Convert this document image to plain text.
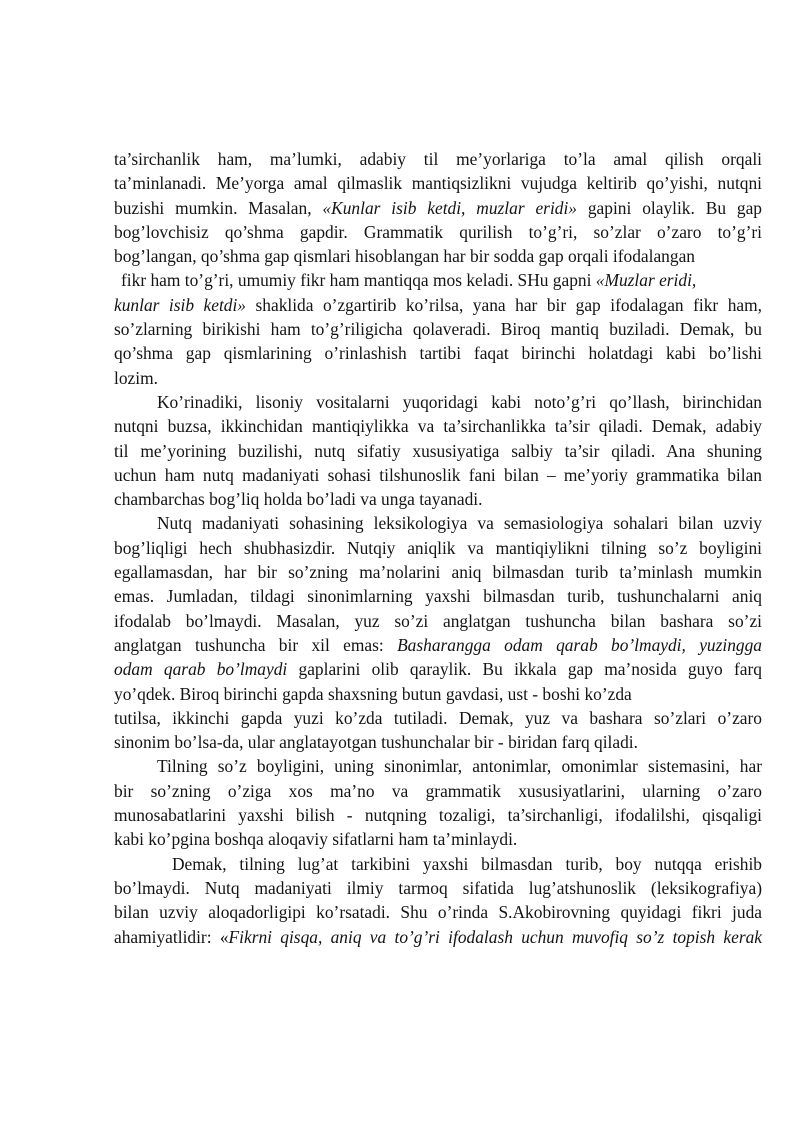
ta’sirchanlik ham, ma’lumki, adabiy til me’yorlariga to’la amal qilish orqali
ta’minlanadi. Me’yorga amal qilmaslik mantiqsizlikni vujudga keltirib qo’yishi, nutqni
buzishi mumkin. Masalan, «Kunlar isib ketdi, muzlar eridi» gapini olaylik. Bu gap
bog’lovchisiz qo’shma gapdir. Grammatik qurilish to’g’ri, so’zlar o’zaro to’g’ri
bog’langan, qo’shma gap qismlari hisoblangan har bir sodda gap orqali ifodalangan
fikr ham to’g’ri, umumiy fikr ham mantiqqa mos keladi. SHu gapni «Muzlar eridi,
kunlar isib ketdi» shaklida o’zgartirib ko’rilsa, yana har bir gap ifodalagan fikr ham,
so’zlarning birikishi ham to’g’riligicha qolaveradi. Biroq mantiq buziladi. Demak, bu
qo’shma gap qismlarining o’rinlashish tartibi faqat birinchi holatdagi kabi bo’lishi
lozim.
Ko’rinadiki, lisoniy vositalarni yuqoridagi kabi noto’g’ri qo’llash, birinchidan
nutqni buzsa, ikkinchidan mantiqiylikka va ta’sirchanlikka ta’sir qiladi. Demak, adabiy
til me’yorining buzilishi, nutq sifatiy xususiyatiga salbiy ta’sir qiladi. Ana shuning
uchun ham nutq madaniyati sohasi tilshunoslik fani bilan – me’yoriy grammatika bilan
chambarchas bog’liq holda bo’ladi va unga tayanadi.
Nutq madaniyati sohasining leksikologiya va semasiologiya sohalari bilan uzviy
bog’liqligi hech shubhasizdir. Nutqiy aniqlik va mantiqiylikni tilning so’z boyligini
egallamasdan, har bir so’zning ma’nolarini aniq bilmasdan turib ta’minlash mumkin
emas. Jumladan, tildagi sinonimlarning yaxshi bilmasdan turib, tushunchalarni aniq
ifodalab bo’lmaydi. Masalan, yuz so’zi anglatgan tushuncha bilan bashara so’zi
anglatgan tushuncha bir xil emas: Basharangga odam qarab bo’lmaydi, yuzingga
odam qarab bo’lmaydi gaplarini olib qaraylik. Bu ikkala gap ma’nosida guyo farq
yo’qdek. Biroq birinchi gapda shaxsning butun gavdasi, ust - boshi ko’zda
tutilsa, ikkinchi gapda yuzi ko’zda tutiladi. Demak, yuz va bashara so’zlari o’zaro
sinonim bo’lsa-da, ular anglatayotgan tushunchalar bir - biridan farq qiladi.
Tilning so’z boyligini, uning sinonimlar, antonimlar, omonimlar sistemasini, har
bir so’zning o’ziga xos ma’no va grammatik xususiyatlarini, ularning o’zaro
munosabatlarini yaxshi bilish - nutqning tozaligi, ta’sirchanligi, ifodalilshi, qisqaligi
kabi ko’pgina boshqa aloqaviy sifatlarni ham ta’minlaydi.
Demak, tilning lug’at tarkibini yaxshi bilmasdan turib, boy nutqqa erishib
bo’lmaydi. Nutq madaniyati ilmiy tarmoq sifatida lug’atshunoslik (leksikografiya)
bilan uzviy aloqadorligipi ko’rsatadi. Shu o’rinda S.Akobirovning quyidagi fikri juda
ahamiyatlidir: «Fikrni qisqa, aniq va to’g’ri ifodalash uchun muvofiq so’z topish kerak
